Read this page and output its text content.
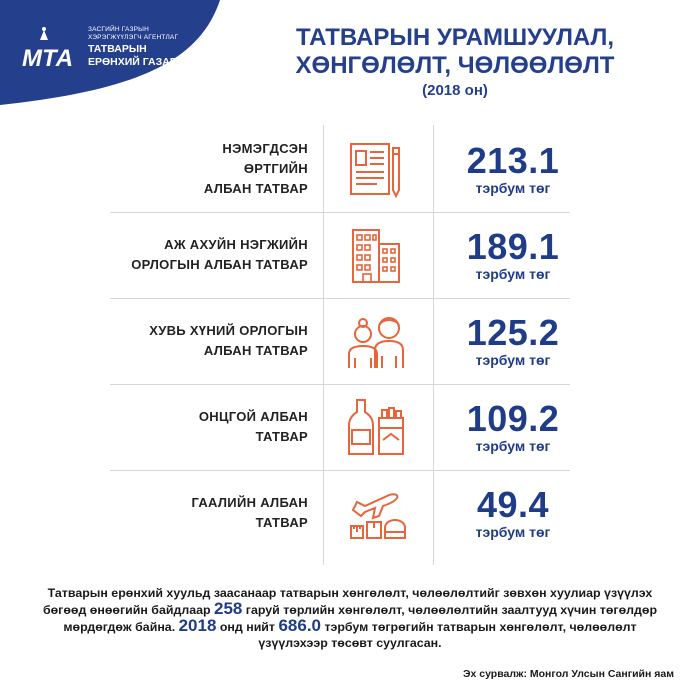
МТА
ЗАСГИЙН ГАЗРЫН
ХЭРЭГЖҮҮЛЭГЧ АГЕНТЛАГ
ТАТВАРЫН
ЕРӨНХИЙ ГАЗАР
ТАТВАРЫН УРАМШУУЛАЛ,
ХӨНГӨЛӨЛТ, ЧӨЛӨӨЛӨЛТ
(2018 он)
НЭМЭГДСЭН
ӨРТГИЙН
АЛБАН ТАТВАР
213.1
тэрбум төг
АЖ АХУЙН НЭГЖИЙН
ОРЛОГЫН АЛБАН ТАТВАР	189.1
тэрбум төг
ХУВЬ ХҮНИЙ ОРЛОГЫН
АЛБАН ТАТВАР	125.2
тэрбум төг
ОНЦГОЙ АЛБАН
ТАТВАР	109.2
тэрбум төг
ГААЛИЙН АЛБАН
ТАТВАР	49.4
тэрбум төг
Татварын ерөнхий хуульд заасанаар татварын хөнгөлөлт, чөлөөлөлтийг зөвхөн хуулиар үзүүлэх бөгөөд өнөөгийн байдлаар 258 гаруй төрлийн хөнгөлөлт, чөлөөлөлтийн заалтууд хүчин төгөлдөр мөрдөгдөж байна. 2018 онд нийт 686.0 тэрбум төгрөгийн татварын хөнгөлөлт, чөлөөлөлт үзүүлэхээр төсөвт суулгасан.
Эх сурвалж: Монгол Улсын Сангийн яам
